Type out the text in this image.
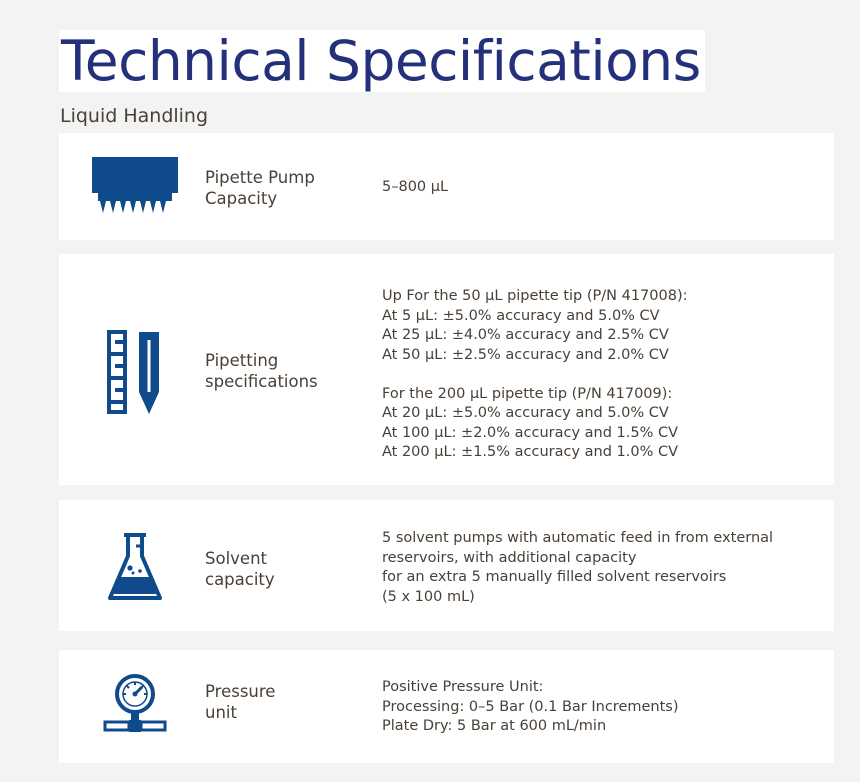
Technical Specifications
Liquid Handling
Pipette Pump
Capacity
5–800 μL
Pipetting
specifications
Up For the 50 μL pipette tip (P/N 417008):
At 5 μL: ±5.0% accuracy and 5.0% CV
At 25 μL: ±4.0% accuracy and 2.5% CV
At 50 μL: ±2.5% accuracy and 2.0% CV

For the 200 μL pipette tip (P/N 417009):
At 20 μL: ±5.0% accuracy and 5.0% CV
At 100 μL: ±2.0% accuracy and 1.5% CV
At 200 μL: ±1.5% accuracy and 1.0% CV
Solvent
capacity
5 solvent pumps with automatic feed in from external
reservoirs, with additional capacity
for an extra 5 manually filled solvent reservoirs
(5 x 100 mL)
Pressure
unit
Positive Pressure Unit:
Processing: 0–5 Bar (0.1 Bar Increments)
Plate Dry: 5 Bar at 600 mL/min
